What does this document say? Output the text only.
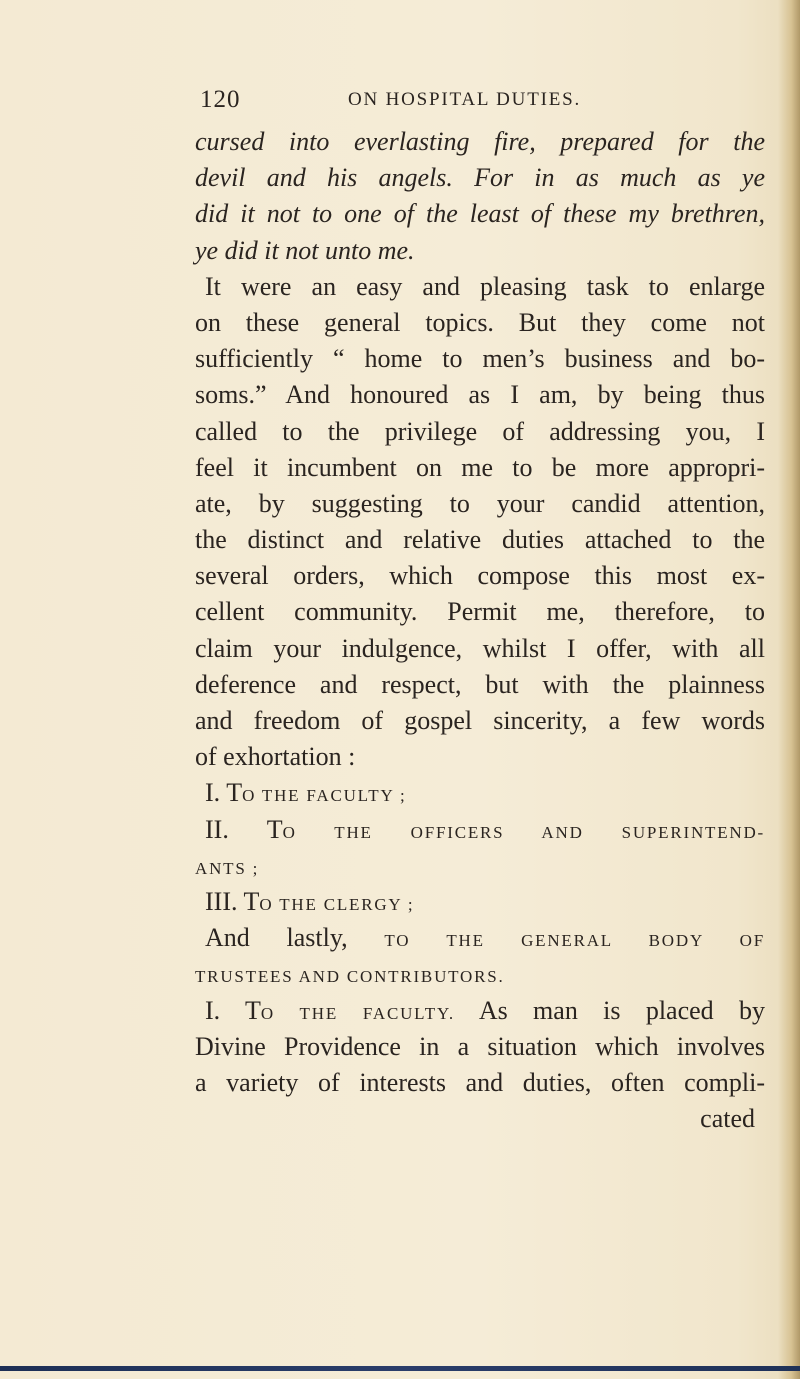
120	ON HOSPITAL DUTIES.
cursed into everlasting fire, prepared for the
devil and his angels. For in as much as ye
did it not to one of the least of these my brethren,
ye did it not unto me.
It were an easy and pleasing task to enlarge
on these general topics. But they come not
sufficiently “ home to men’s business and bo-
soms.” And honoured as I am, by being thus
called to the privilege of addressing you, I
feel it incumbent on me to be more appropri-
ate, by suggesting to your candid attention,
the distinct and relative duties attached to the
several orders, which compose this most ex-
cellent community. Permit me, therefore, to
claim your indulgence, whilst I offer, with all
deference and respect, but with the plainness
and freedom of gospel sincerity, a few words
of exhortation :
I. TO THE FACULTY ;
II. TO THE OFFICERS AND SUPERINTEND-
ANTS ;
III. TO THE CLERGY ;
And lastly, TO THE GENERAL BODY OF
TRUSTEES AND CONTRIBUTORS.
I. TO THE FACULTY. As man is placed by
Divine Providence in a situation which involves
a variety of interests and duties, often compli-
cated
